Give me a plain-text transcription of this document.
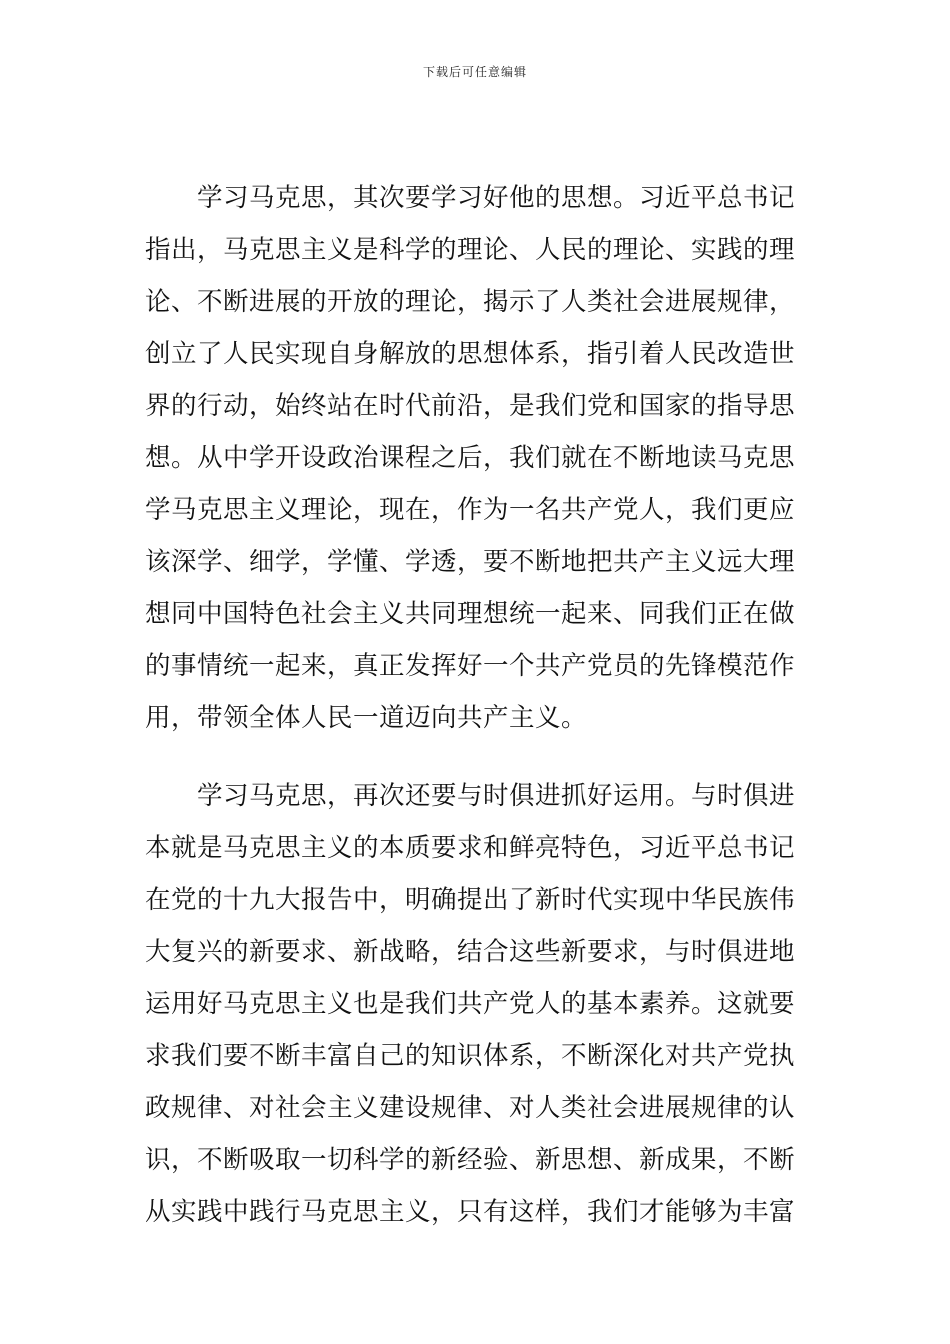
下载后可任意编辑
学习马克思，其次要学习好他的思想。习近平总书记
指出，马克思主义是科学的理论、人民的理论、实践的理
论、不断进展的开放的理论，揭示了人类社会进展规律，
创立了人民实现自身解放的思想体系，指引着人民改造世
界的行动，始终站在时代前沿，是我们党和国家的指导思
想。从中学开设政治课程之后，我们就在不断地读马克思
学马克思主义理论，现在，作为一名共产党人，我们更应
该深学、细学，学懂、学透，要不断地把共产主义远大理
想同中国特色社会主义共同理想统一起来、同我们正在做
的事情统一起来，真正发挥好一个共产党员的先锋模范作
用，带领全体人民一道迈向共产主义。
学习马克思，再次还要与时俱进抓好运用。与时俱进
本就是马克思主义的本质要求和鲜亮特色，习近平总书记
在党的十九大报告中，明确提出了新时代实现中华民族伟
大复兴的新要求、新战略，结合这些新要求，与时俱进地
运用好马克思主义也是我们共产党人的基本素养。这就要
求我们要不断丰富自己的知识体系，不断深化对共产党执
政规律、对社会主义建设规律、对人类社会进展规律的认
识，不断吸取一切科学的新经验、新思想、新成果，不断
从实践中践行马克思主义，只有这样，我们才能够为丰富
